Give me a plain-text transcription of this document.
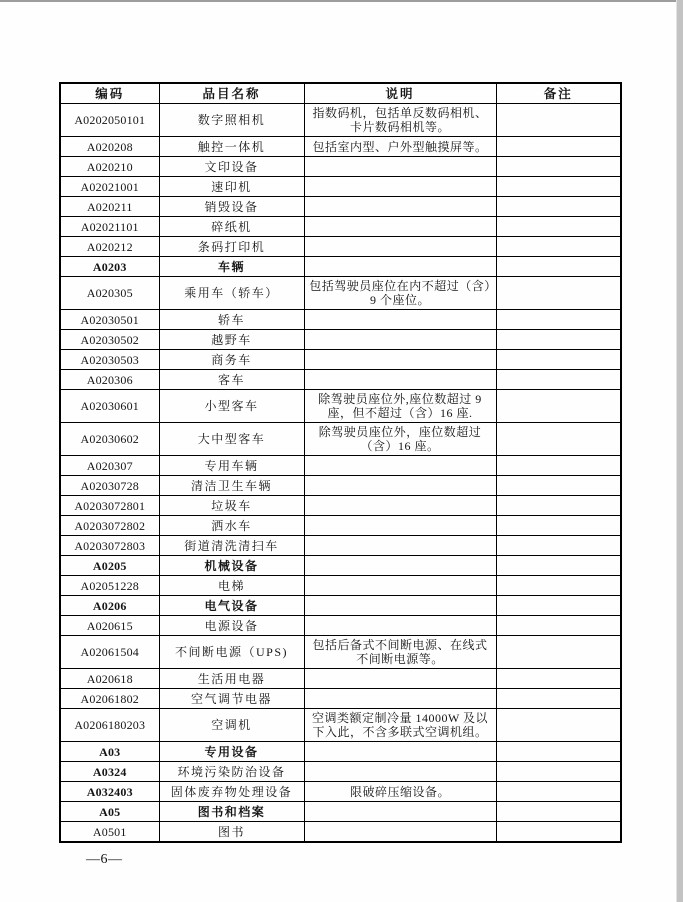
编码	品目名称	说明	备注
A0202050101	数字照相机	指数码机，包括单反数码相机、卡片数码相机等。	
A020208	触控一体机	包括室内型、户外型触摸屏等。	
A020210	文印设备		
A02021001	速印机		
A020211	销毁设备		
A02021101	碎纸机		
A020212	条码打印机		
A0203	车辆		
A020305	乘用车（轿车）	包括驾驶员座位在内不超过（含）9 个座位。	
A02030501	轿车		
A02030502	越野车		
A02030503	商务车		
A020306	客车		
A02030601	小型客车	除驾驶员座位外,座位数超过 9 座，但不超过（含）16 座.	
A02030602	大中型客车	除驾驶员座位外，座位数超过（含）16 座。	
A020307	专用车辆		
A02030728	清洁卫生车辆		
A0203072801	垃圾车		
A0203072802	洒水车		
A0203072803	街道清洗清扫车		
A0205	机械设备		
A02051228	电梯		
A0206	电气设备		
A020615	电源设备		
A02061504	不间断电源（UPS)	包括后备式不间断电源、在线式不间断电源等。	
A020618	生活用电器		
A02061802	空气调节电器		
A0206180203	空调机	空调类额定制冷量 14000W 及以下入此，不含多联式空调机组。	
A03	专用设备		
A0324	环境污染防治设备		
A032403	固体废弃物处理设备	限破碎压缩设备。	
A05	图书和档案		
A0501	图书		
—6—
